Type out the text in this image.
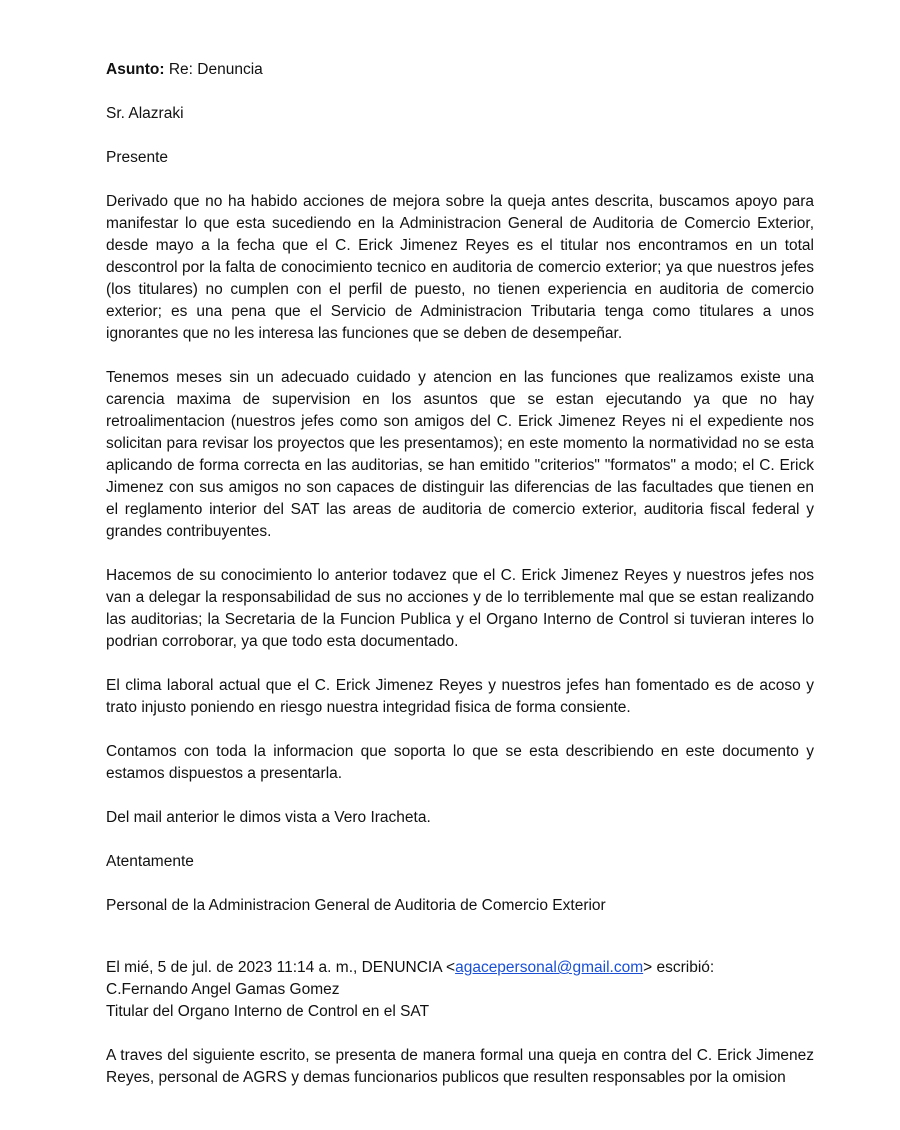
Asunto: Re: Denuncia

Sr. Alazraki

Presente

Derivado que no ha habido acciones de mejora sobre la queja antes descrita, buscamos apoyo para manifestar lo que esta sucediendo en la Administracion General de Auditoria de Comercio Exterior, desde mayo a la fecha que el C. Erick Jimenez Reyes es el titular nos encontramos en un total descontrol por la falta de conocimiento tecnico en auditoria de comercio exterior; ya que nuestros jefes (los titulares) no cumplen con el perfil de puesto, no tienen experiencia en auditoria de comercio exterior; es una pena que el Servicio de Administracion Tributaria tenga como titulares a unos ignorantes que no les interesa las funciones que se deben de desempeñar.

Tenemos meses sin un adecuado cuidado y atencion en las funciones que realizamos existe una carencia maxima de supervision en los asuntos que se estan ejecutando ya que no hay retroalimentacion (nuestros jefes como son amigos del C. Erick Jimenez Reyes ni el expediente nos solicitan para revisar los proyectos que les presentamos); en este momento la normatividad no se esta aplicando de forma correcta en las auditorias, se han emitido "criterios" "formatos" a modo; el C. Erick Jimenez con sus amigos no son capaces de distinguir las diferencias de las facultades que tienen en el reglamento interior del SAT las areas de auditoria de comercio exterior, auditoria fiscal federal y grandes contribuyentes.

Hacemos de su conocimiento lo anterior todavez que el C. Erick Jimenez Reyes y nuestros jefes nos van a delegar la responsabilidad de sus no acciones y de lo terriblemente mal que se estan realizando las auditorias; la Secretaria de la Funcion Publica y el Organo Interno de Control si tuvieran interes lo podrian corroborar, ya que todo esta documentado.

El clima laboral actual que el C. Erick Jimenez Reyes y nuestros jefes han fomentado es de acoso y trato injusto poniendo en riesgo nuestra integridad fisica de forma consiente.

Contamos con toda la informacion que soporta lo que se esta describiendo en este documento y estamos dispuestos a presentarla.

Del mail anterior le dimos vista a Vero Iracheta.

Atentamente

Personal de la Administracion General de Auditoria de Comercio Exterior

El mié, 5 de jul. de 2023 11:14 a. m., DENUNCIA <agacepersonal@gmail.com> escribió:

C.Fernando Angel Gamas Gomez

Titular del Organo Interno de Control en el SAT

A traves del siguiente escrito, se presenta de manera formal una queja en contra del C. Erick Jimenez Reyes, personal de AGRS y demas funcionarios publicos que resulten responsables por la omision
